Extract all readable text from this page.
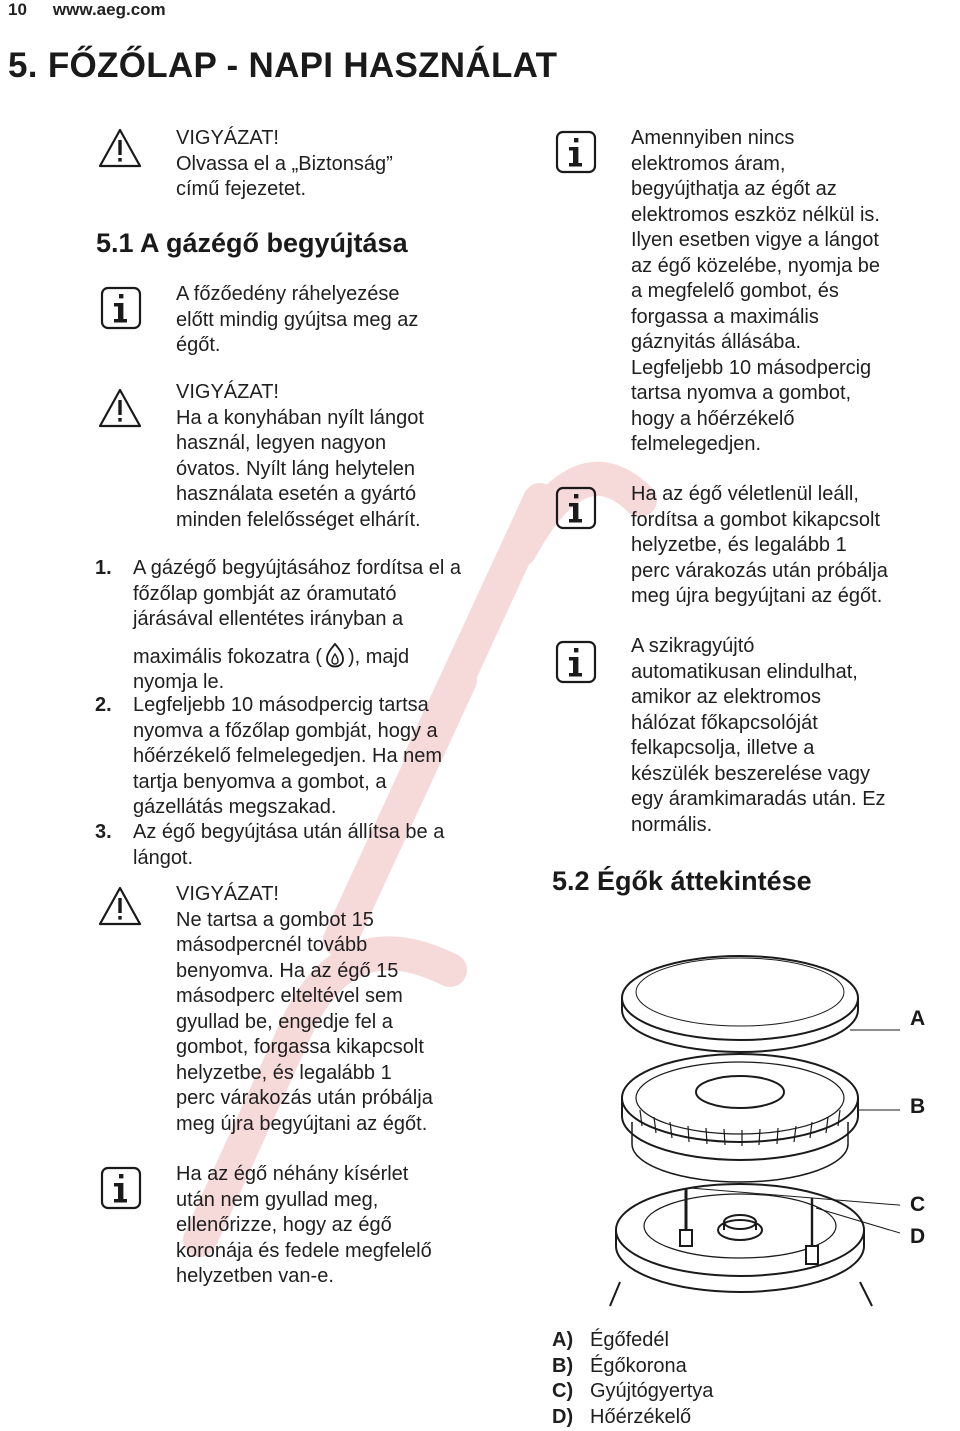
10 www.aeg.com
5. FŐZŐLAP - NAPI HASZNÁLAT

VIGYÁZAT!

Olvassa el a „Biztonság”

című fejezetet.

5.1 A gázégő begyújtása

A főzőedény ráhelyezése

előtt mindig gyújtsa meg az

égőt.

VIGYÁZAT!

Ha a konyhában nyílt lángot

használ, legyen nagyon

óvatos. Nyílt láng helytelen

használata esetén a gyártó

minden felelősséget elhárít.

1. A gázégő begyújtásához fordítsa el a
főzőlap gombját az óramutató
járásával ellentétes irányban a
maximális fokozatra ( ), majd
nyomja le.
2. Legfeljebb 10 másodpercig tartsa
nyomva a főzőlap gombját, hogy a
hőérzékelő felmelegedjen. Ha nem
tartja benyomva a gombot, a
gázellátás megszakad.
3. Az égő begyújtása után állítsa be a
lángot.

VIGYÁZAT!

Ne tartsa a gombot 15

másodpercnél tovább

benyomva. Ha az égő 15

másodperc elteltével sem

gyullad be, engedje fel a

gombot, forgassa kikapcsolt

helyzetbe, és legalább 1

perc várakozás után próbálja

meg újra begyújtani az égőt.

Ha az égő néhány kísérlet

után nem gyullad meg,

ellenőrizze, hogy az égő

koronája és fedele megfelelő

helyzetben van-e.

Amennyiben nincs

elektromos áram,

begyújthatja az égőt az

elektromos eszköz nélkül is.

Ilyen esetben vigye a lángot

az égő közelébe, nyomja be

a megfelelő gombot, és

forgassa a maximális

gáznyitás állásába.

Legfeljebb 10 másodpercig

tartsa nyomva a gombot,

hogy a hőérzékelő

felmelegedjen.

Ha az égő véletlenül leáll,

fordítsa a gombot kikapcsolt

helyzetbe, és legalább 1

perc várakozás után próbálja

meg újra begyújtani az égőt.

A szikragyújtó

automatikusan elindulhat,

amikor az elektromos

hálózat főkapcsolóját

felkapcsolja, illetve a

készülék beszerelése vagy

egy áramkimaradás után. Ez

normális.

5.2 Égők áttekintése
A
B
C
D
A) Égőfedél
B) Égőkorona
C) Gyújtógyertya
D) Hőérzékelő
